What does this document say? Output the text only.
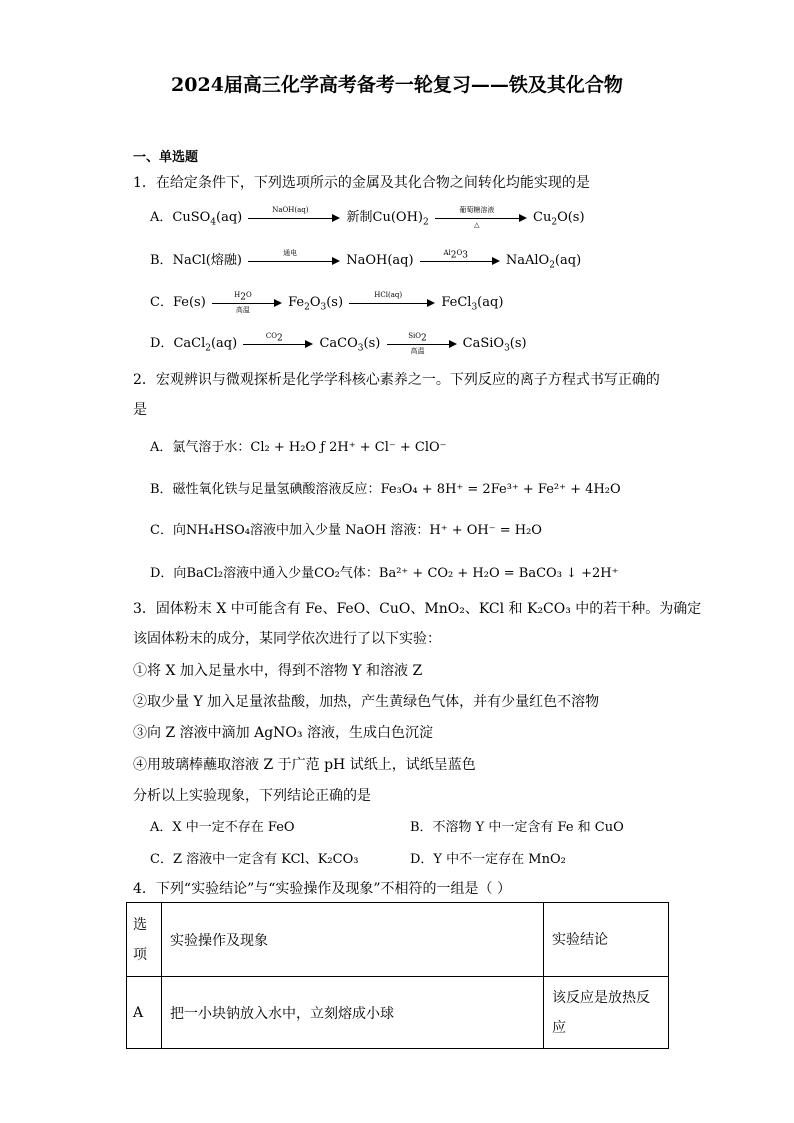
2024届高三化学高考备考一轮复习——铁及其化合物
一、单选题
1．在给定条件下，下列选项所示的金属及其化合物之间转化均能实现的是
A．CuSO$_4$(aq)
NaOH(aq)
新制$Cu(OH)_2$
葡萄糖溶液
△	$Cu_2O(s)$
B．NaCl(熔融)
通电
NaOH(aq)
$Al_2O_3$	NaAlO$_2$(aq)
C．Fe(s)
$H_2O$
高温	$Fe_2O_3(s)$
HCl(aq)
FeCl$_3$(aq)
D．CaCl$_2$(aq)
$CO_2$	CaCO$_3$(s)
SiO$_2$
高温	CaSiO$_3$(s)
2．宏观辨识与微观探析是化学学科核心素养之一。下列反应的离子方程式书写正确的
是
A．氯气溶于水：Cl₂ + H₂O ƒ 2H⁺ + Cl⁻ + ClO⁻
B．磁性氧化铁与足量氢碘酸溶液反应：Fe₃O₄ + 8H⁺ = 2Fe³⁺ + Fe²⁺ + 4H₂O
C．向NH₄HSO₄溶液中加入少量 NaOH 溶液：H⁺ + OH⁻ = H₂O
D．向BaCl₂溶液中通入少量CO₂气体：Ba²⁺ + CO₂ + H₂O = BaCO₃ ↓ +2H⁺
3．固体粉末 X 中可能含有 Fe、FeO、CuO、MnO₂、KCl 和 K₂CO₃ 中的若干种。为确定
该固体粉末的成分，某同学依次进行了以下实验：
①将 X 加入足量水中，得到不溶物 Y 和溶液 Z
②取少量 Y 加入足量浓盐酸，加热，产生黄绿色气体，并有少量红色不溶物
③向 Z 溶液中滴加 AgNO₃ 溶液，生成白色沉淀
④用玻璃棒蘸取溶液 Z 于广范 pH 试纸上，试纸呈蓝色
分析以上实验现象，下列结论正确的是
A．X 中一定不存在 FeO	B．不溶物 Y 中一定含有 Fe 和 CuO
C．Z 溶液中一定含有 KCl、K₂CO₃	D．Y 中不一定存在 MnO₂
4．下列“实验结论”与“实验操作及现象”不相符的一组是（ ）
选项	实验操作及现象	实验结论
A	把一小块钠放入水中，立刻熔成小球	该反应是放热反应
